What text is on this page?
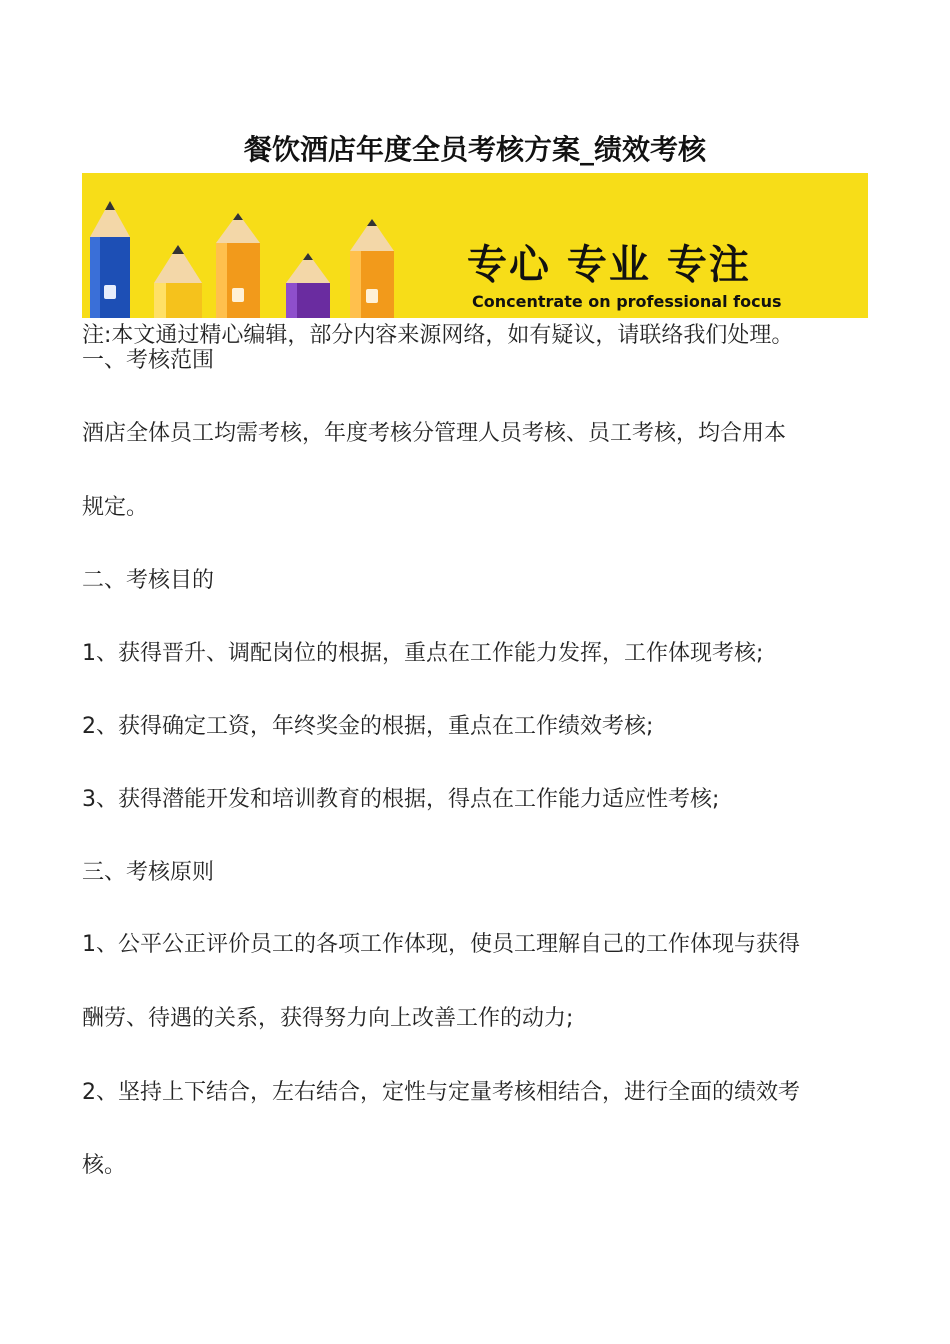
餐饮酒店年度全员考核方案_绩效考核
专心 专业 专注
Concentrate on professional focus
注:本文通过精心编辑，部分内容来源网络，如有疑议，请联络我们处理。
一、考核范围
酒店全体员工均需考核，年度考核分管理人员考核、员工考核，均合用本
规定。
二、考核目的
1、获得晋升、调配岗位的根据，重点在工作能力发挥，工作体现考核;
2、获得确定工资，年终奖金的根据，重点在工作绩效考核;
3、获得潜能开发和培训教育的根据，得点在工作能力适应性考核;
三、考核原则
1、公平公正评价员工的各项工作体现，使员工理解自己的工作体现与获得
酬劳、待遇的关系，获得努力向上改善工作的动力;
2、坚持上下结合，左右结合，定性与定量考核相结合，进行全面的绩效考
核。
